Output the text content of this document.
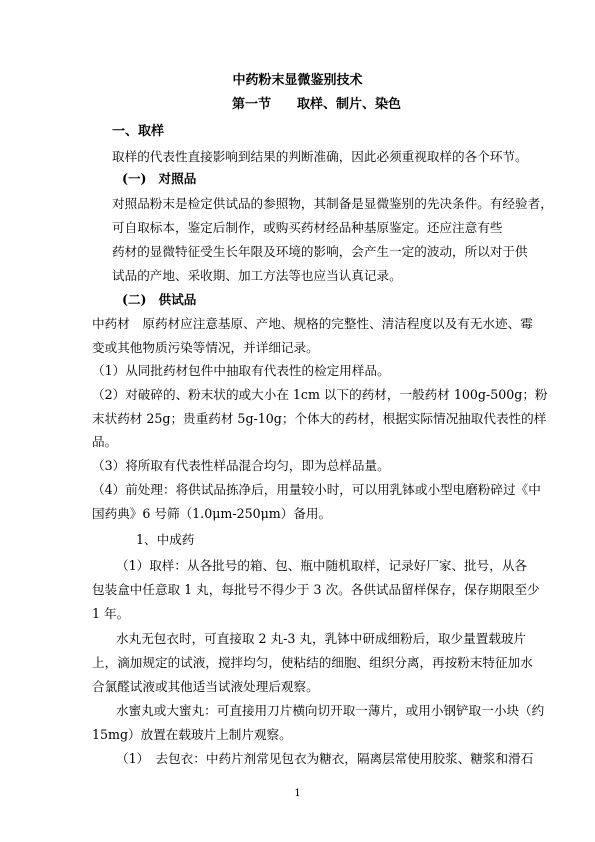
中药粉末显微鉴别技术
第一节 取样、制片、染色
一、取样
取样的代表性直接影响到结果的判断准确，因此必须重视取样的各个环节。
(一) 对照品
对照品粉末是检定供试品的参照物，其制备是显微鉴别的先决条件。有经验者，
可自取标本，鉴定后制作，或购买药材经品种基原鉴定。还应注意有些
药材的显微特征受生长年限及环境的影响，会产生一定的波动，所以对于供
试品的产地、采收期、加工方法等也应当认真记录。
(二) 供试品
中药材　原药材应注意基原、产地、规格的完整性、清洁程度以及有无水迹、霉
变或其他物质污染等情况，并详细记录。
（1）从同批药材包件中抽取有代表性的检定用样品。
（2）对破碎的、粉末状的或大小在 1cm 以下的药材，一般药材 100g-500g；粉
末状药材 25g；贵重药材 5g-10g；个体大的药材，根据实际情况抽取代表性的样
品。
（3）将所取有代表性样品混合均匀，即为总样品量。
（4）前处理：将供试品拣净后，用量较小时，可以用乳钵或小型电磨粉碎过《中
国药典》6 号筛（1.0μm-250μm）备用。
1、中成药
（1）取样：从各批号的箱、包、瓶中随机取样，记录好厂家、批号，从各
包装盒中任意取 1 丸，每批号不得少于 3 次。各供试品留样保存，保存期限至少
1 年。
水丸无包衣时，可直接取 2 丸-3 丸，乳钵中研成细粉后，取少量置载玻片
上，滴加规定的试液，搅拌均匀，使粘结的细胞、组织分离，再按粉末特征加水
合氯醛试液或其他适当试液处理后观察。
水蜜丸或大蜜丸：可直接用刀片横向切开取一薄片，或用小钢铲取一小块（约
15mg）放置在载玻片上制片观察。
（1）　去包衣：中药片剂常见包衣为糖衣，隔离层常使用胶浆、糖浆和滑石
1
